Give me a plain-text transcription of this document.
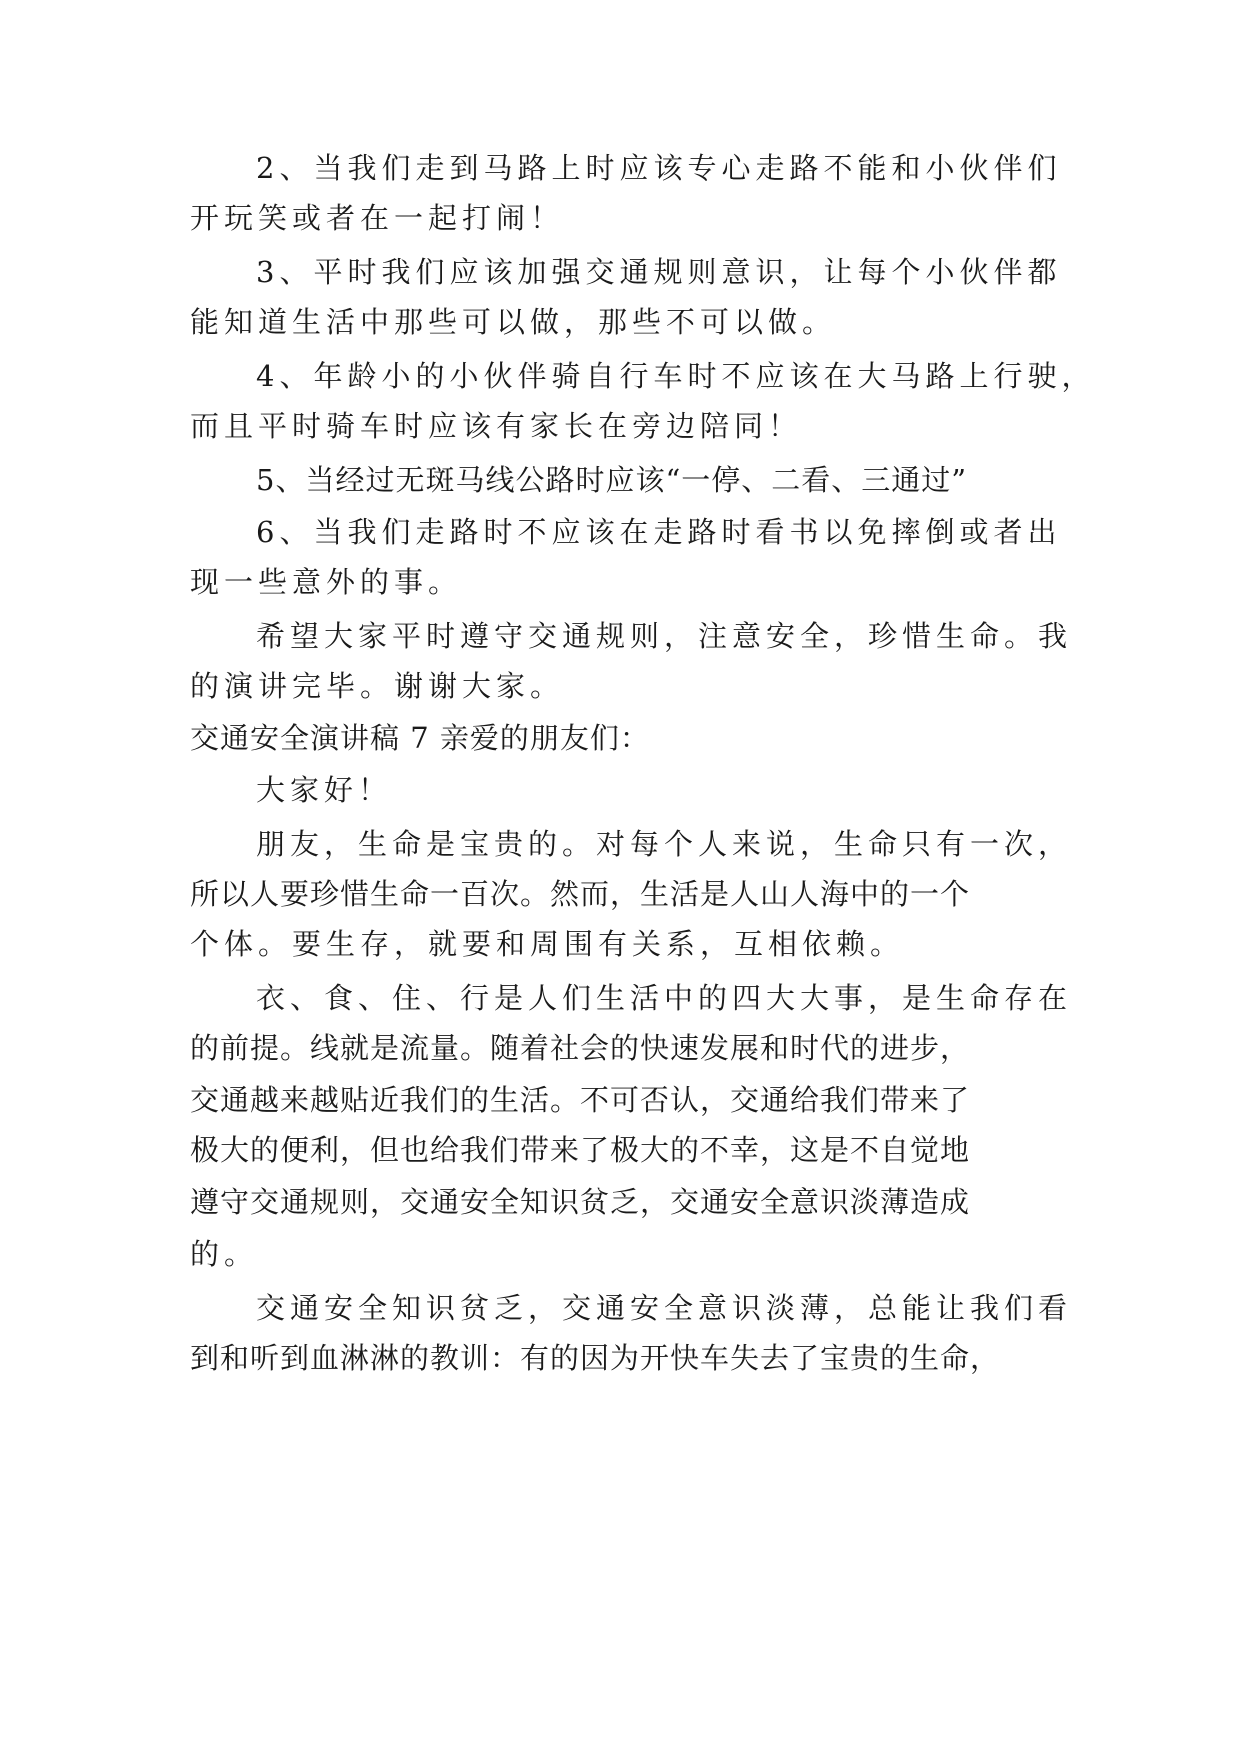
2、当我们走到马路上时应该专心走路不能和小伙伴们
开玩笑或者在一起打闹！
3、平时我们应该加强交通规则意识，让每个小伙伴都
能知道生活中那些可以做，那些不可以做。
4、年龄小的小伙伴骑自行车时不应该在大马路上行驶，
而且平时骑车时应该有家长在旁边陪同！
5、当经过无斑马线公路时应该“一停、二看、三通过”
6、当我们走路时不应该在走路时看书以免摔倒或者出
现一些意外的事。
希望大家平时遵守交通规则，注意安全，珍惜生命。我
的演讲完毕。谢谢大家。
交通安全演讲稿 7 亲爱的朋友们：
大家好！
朋友，生命是宝贵的。对每个人来说，生命只有一次，
所以人要珍惜生命一百次。然而，生活是人山人海中的一个
个体。要生存，就要和周围有关系，互相依赖。
衣、食、住、行是人们生活中的四大大事，是生命存在
的前提。线就是流量。随着社会的快速发展和时代的进步，
交通越来越贴近我们的生活。不可否认，交通给我们带来了
极大的便利，但也给我们带来了极大的不幸，这是不自觉地
遵守交通规则，交通安全知识贫乏，交通安全意识淡薄造成
的。
交通安全知识贫乏，交通安全意识淡薄，总能让我们看
到和听到血淋淋的教训：有的因为开快车失去了宝贵的生命，
